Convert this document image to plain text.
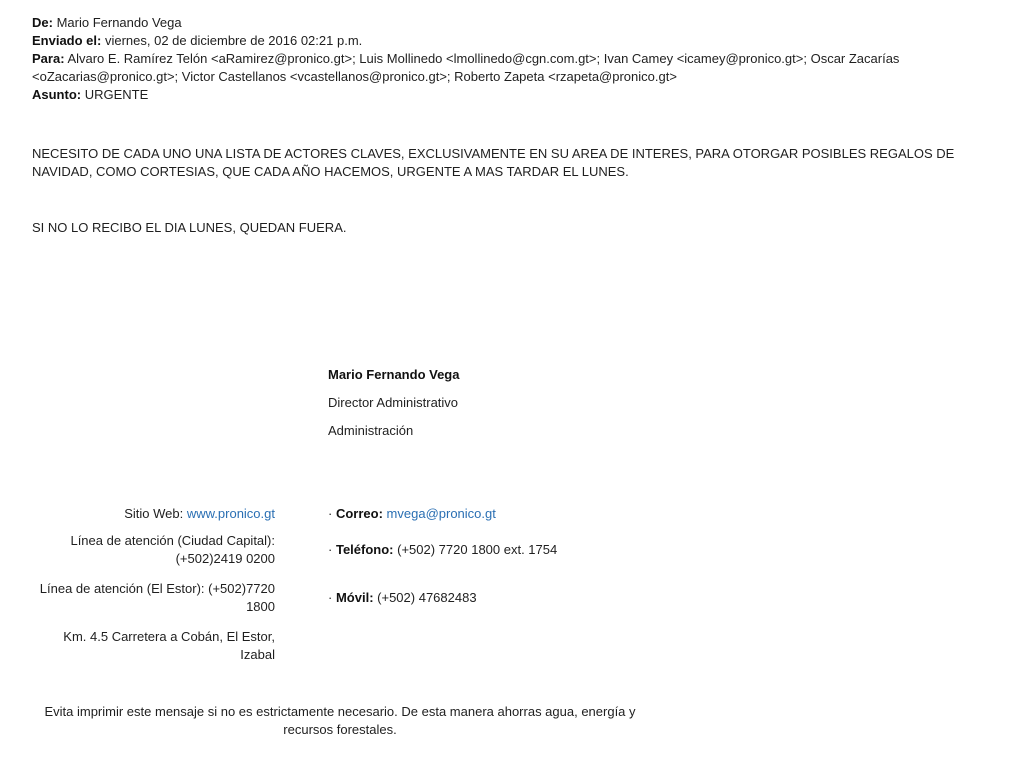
De: Mario Fernando Vega
Enviado el: viernes, 02 de diciembre de 2016 02:21 p.m.
Para: Alvaro E. Ramírez Telón <aRamirez@pronico.gt>; Luis Mollinedo <lmollinedo@cgn.com.gt>; Ivan Camey <icamey@pronico.gt>; Oscar Zacarías <oZacarias@pronico.gt>; Victor Castellanos <vcastellanos@pronico.gt>; Roberto Zapeta <rzapeta@pronico.gt>
Asunto: URGENTE
NECESITO DE CADA UNO UNA LISTA DE ACTORES CLAVES, EXCLUSIVAMENTE EN SU AREA DE INTERES, PARA OTORGAR POSIBLES REGALOS DE NAVIDAD, COMO CORTESIAS, QUE CADA AÑO HACEMOS, URGENTE A MAS TARDAR EL LUNES.
SI NO LO RECIBO EL DIA LUNES, QUEDAN FUERA.
Mario Fernando Vega
Director Administrativo
Administración
Sitio Web: www.pronico.gt
Línea de atención (Ciudad Capital): (+502)2419 0200
Línea de atención (El Estor): (+502)7720 1800
Km. 4.5 Carretera a Cobán, El Estor, Izabal
· Correo: mvega@pronico.gt
· Teléfono: (+502) 7720 1800 ext. 1754
· Móvil: (+502) 47682483
Evita imprimir este mensaje si no es estrictamente necesario. De esta manera ahorras agua, energía y recursos forestales.
